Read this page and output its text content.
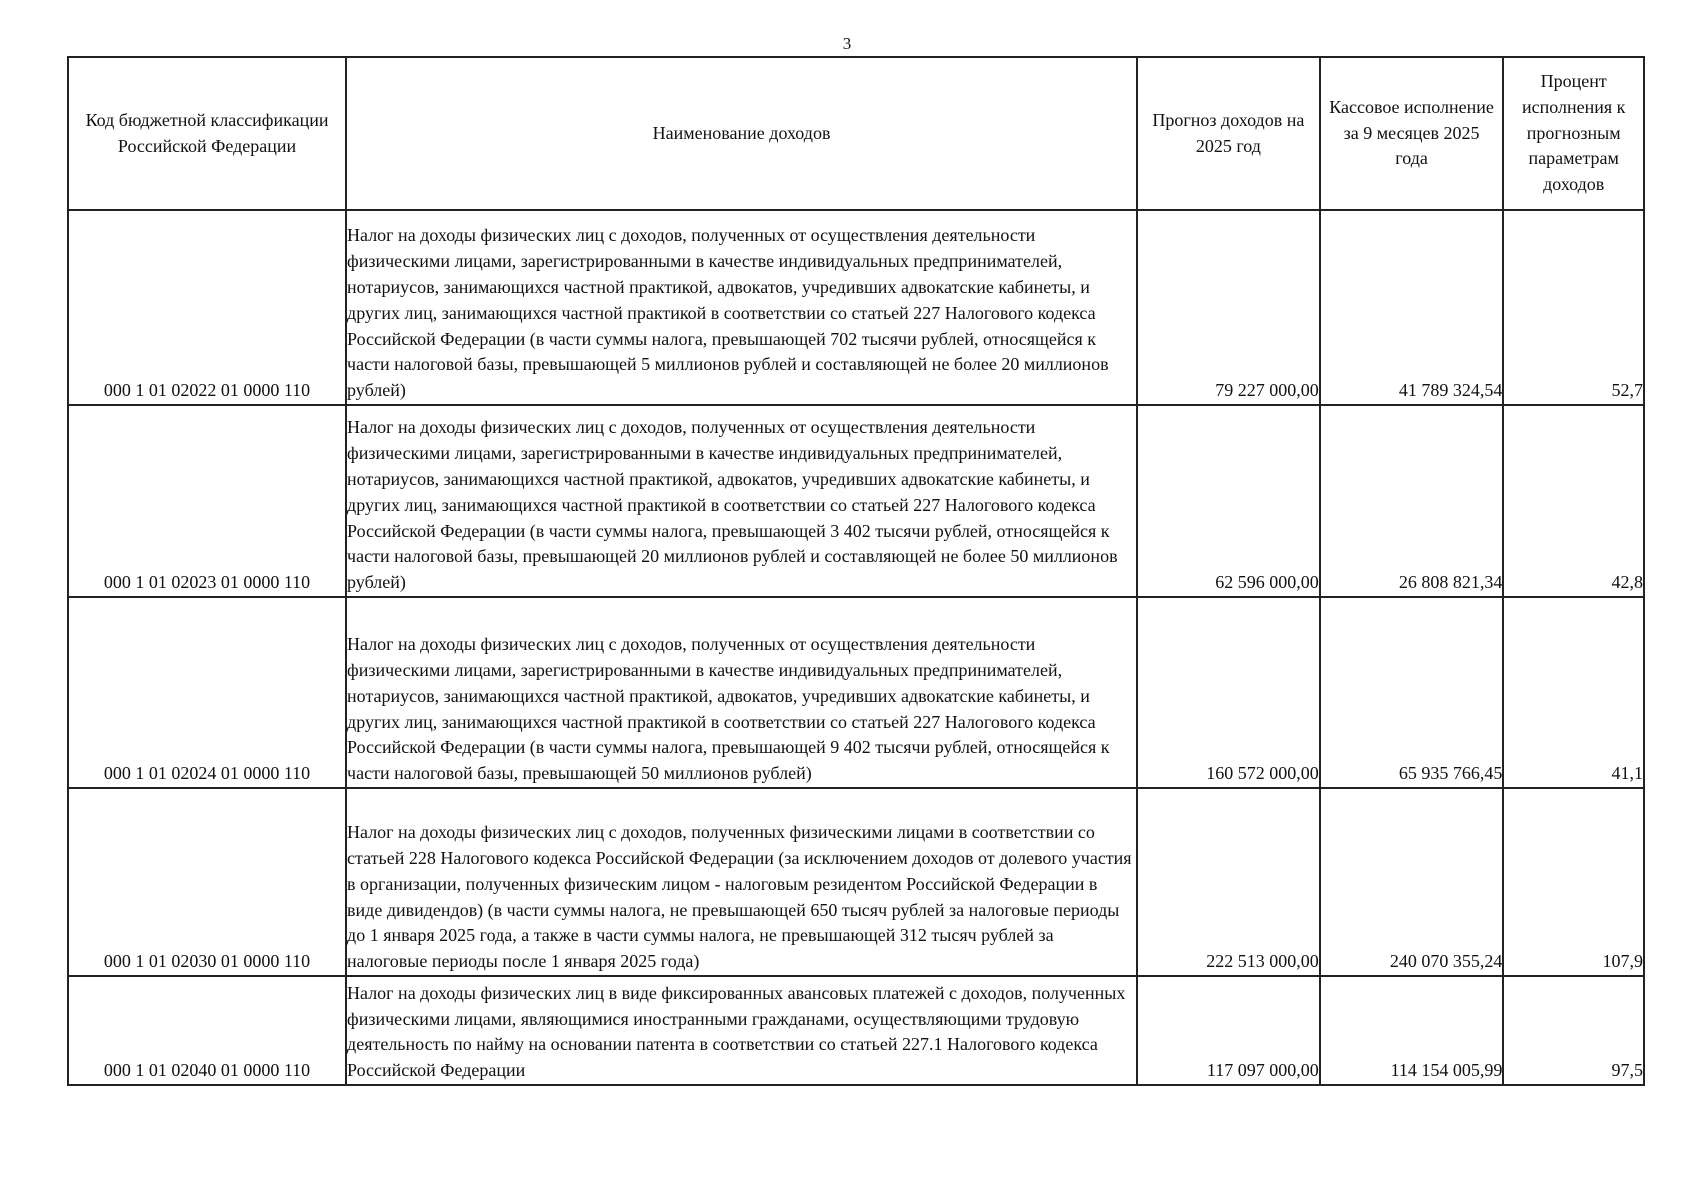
3
Код бюджетной классификации Российской Федерации	Наименование доходов	Прогноз доходов на 2025 год	Кассовое исполнение за 9 месяцев 2025 года	Процент исполнения к прогнозным параметрам доходов
000 1 01 02022 01 0000 110	Налог на доходы физических лиц с доходов, полученных от осуществления деятельности физическими лицами, зарегистрированными в качестве индивидуальных предпринимателей, нотариусов, занимающихся частной практикой, адвокатов, учредивших адвокатские кабинеты, и других лиц, занимающихся частной практикой в соответствии со статьей 227 Налогового кодекса Российской Федерации (в части суммы налога, превышающей 702 тысячи рублей, относящейся к части налоговой базы, превышающей 5 миллионов рублей и составляющей не более 20 миллионов рублей)	79 227 000,00	41 789 324,54	52,7
000 1 01 02023 01 0000 110	Налог на доходы физических лиц с доходов, полученных от осуществления деятельности физическими лицами, зарегистрированными в качестве индивидуальных предпринимателей, нотариусов, занимающихся частной практикой, адвокатов, учредивших адвокатские кабинеты, и других лиц, занимающихся частной практикой в соответствии со статьей 227 Налогового кодекса Российской Федерации (в части суммы налога, превышающей 3 402 тысячи рублей, относящейся к части налоговой базы, превышающей 20 миллионов рублей и составляющей не более 50 миллионов рублей)	62 596 000,00	26 808 821,34	42,8
000 1 01 02024 01 0000 110	Налог на доходы физических лиц с доходов, полученных от осуществления деятельности физическими лицами, зарегистрированными в качестве индивидуальных предпринимателей, нотариусов, занимающихся частной практикой, адвокатов, учредивших адвокатские кабинеты, и других лиц, занимающихся частной практикой в соответствии со статьей 227 Налогового кодекса Российской Федерации (в части суммы налога, превышающей 9 402 тысячи рублей, относящейся к части налоговой базы, превышающей 50 миллионов рублей)	160 572 000,00	65 935 766,45	41,1
000 1 01 02030 01 0000 110	Налог на доходы физических лиц с доходов, полученных физическими лицами в соответствии со статьей 228 Налогового кодекса Российской Федерации (за исключением доходов от долевого участия в организации, полученных физическим лицом - налоговым резидентом Российской Федерации в виде дивидендов) (в части суммы налога, не превышающей 650 тысяч рублей за налоговые периоды до 1 января 2025 года, а также в части суммы налога, не превышающей 312 тысяч рублей за налоговые периоды после 1 января 2025 года)	222 513 000,00	240 070 355,24	107,9
000 1 01 02040 01 0000 110	Налог на доходы физических лиц в виде фиксированных авансовых платежей с доходов, полученных физическими лицами, являющимися иностранными гражданами, осуществляющими трудовую деятельность по найму на основании патента в соответствии со статьей 227.1 Налогового кодекса Российской Федерации	117 097 000,00	114 154 005,99	97,5
